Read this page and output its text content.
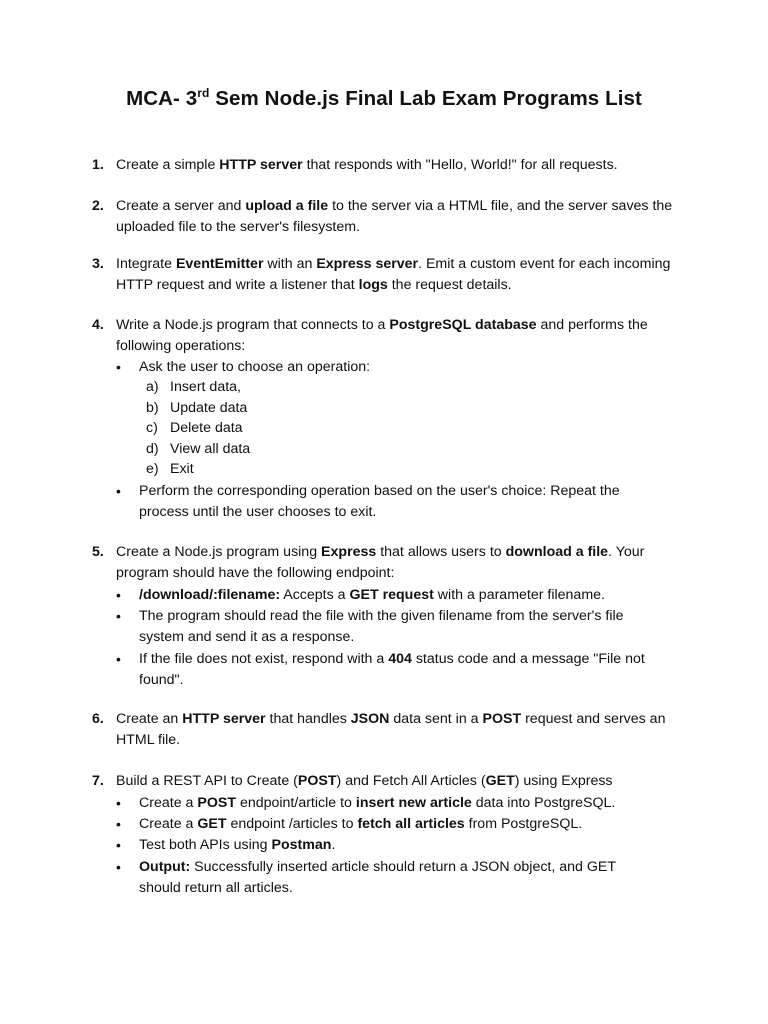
MCA- 3rd Sem Node.js Final Lab Exam Programs List
1. Create a simple HTTP server that responds with "Hello, World!" for all requests.
2. Create a server and upload a file to the server via a HTML file, and the server saves the uploaded file to the server's filesystem.
3. Integrate EventEmitter with an Express server. Emit a custom event for each incoming HTTP request and write a listener that logs the request details.
4. Write a Node.js program that connects to a PostgreSQL database and performs the following operations:
• Ask the user to choose an operation:
a) Insert data,
b) Update data
c) Delete data
d) View all data
e) Exit
• Perform the corresponding operation based on the user's choice: Repeat the process until the user chooses to exit.
5. Create a Node.js program using Express that allows users to download a file. Your program should have the following endpoint:
• /download/:filename: Accepts a GET request with a parameter filename.
• The program should read the file with the given filename from the server's file system and send it as a response.
• If the file does not exist, respond with a 404 status code and a message "File not found".
6. Create an HTTP server that handles JSON data sent in a POST request and serves an HTML file.
7. Build a REST API to Create (POST) and Fetch All Articles (GET) using Express
• Create a POST endpoint/article to insert new article data into PostgreSQL.
• Create a GET endpoint /articles to fetch all articles from PostgreSQL.
• Test both APIs using Postman.
• Output: Successfully inserted article should return a JSON object, and GET should return all articles.
